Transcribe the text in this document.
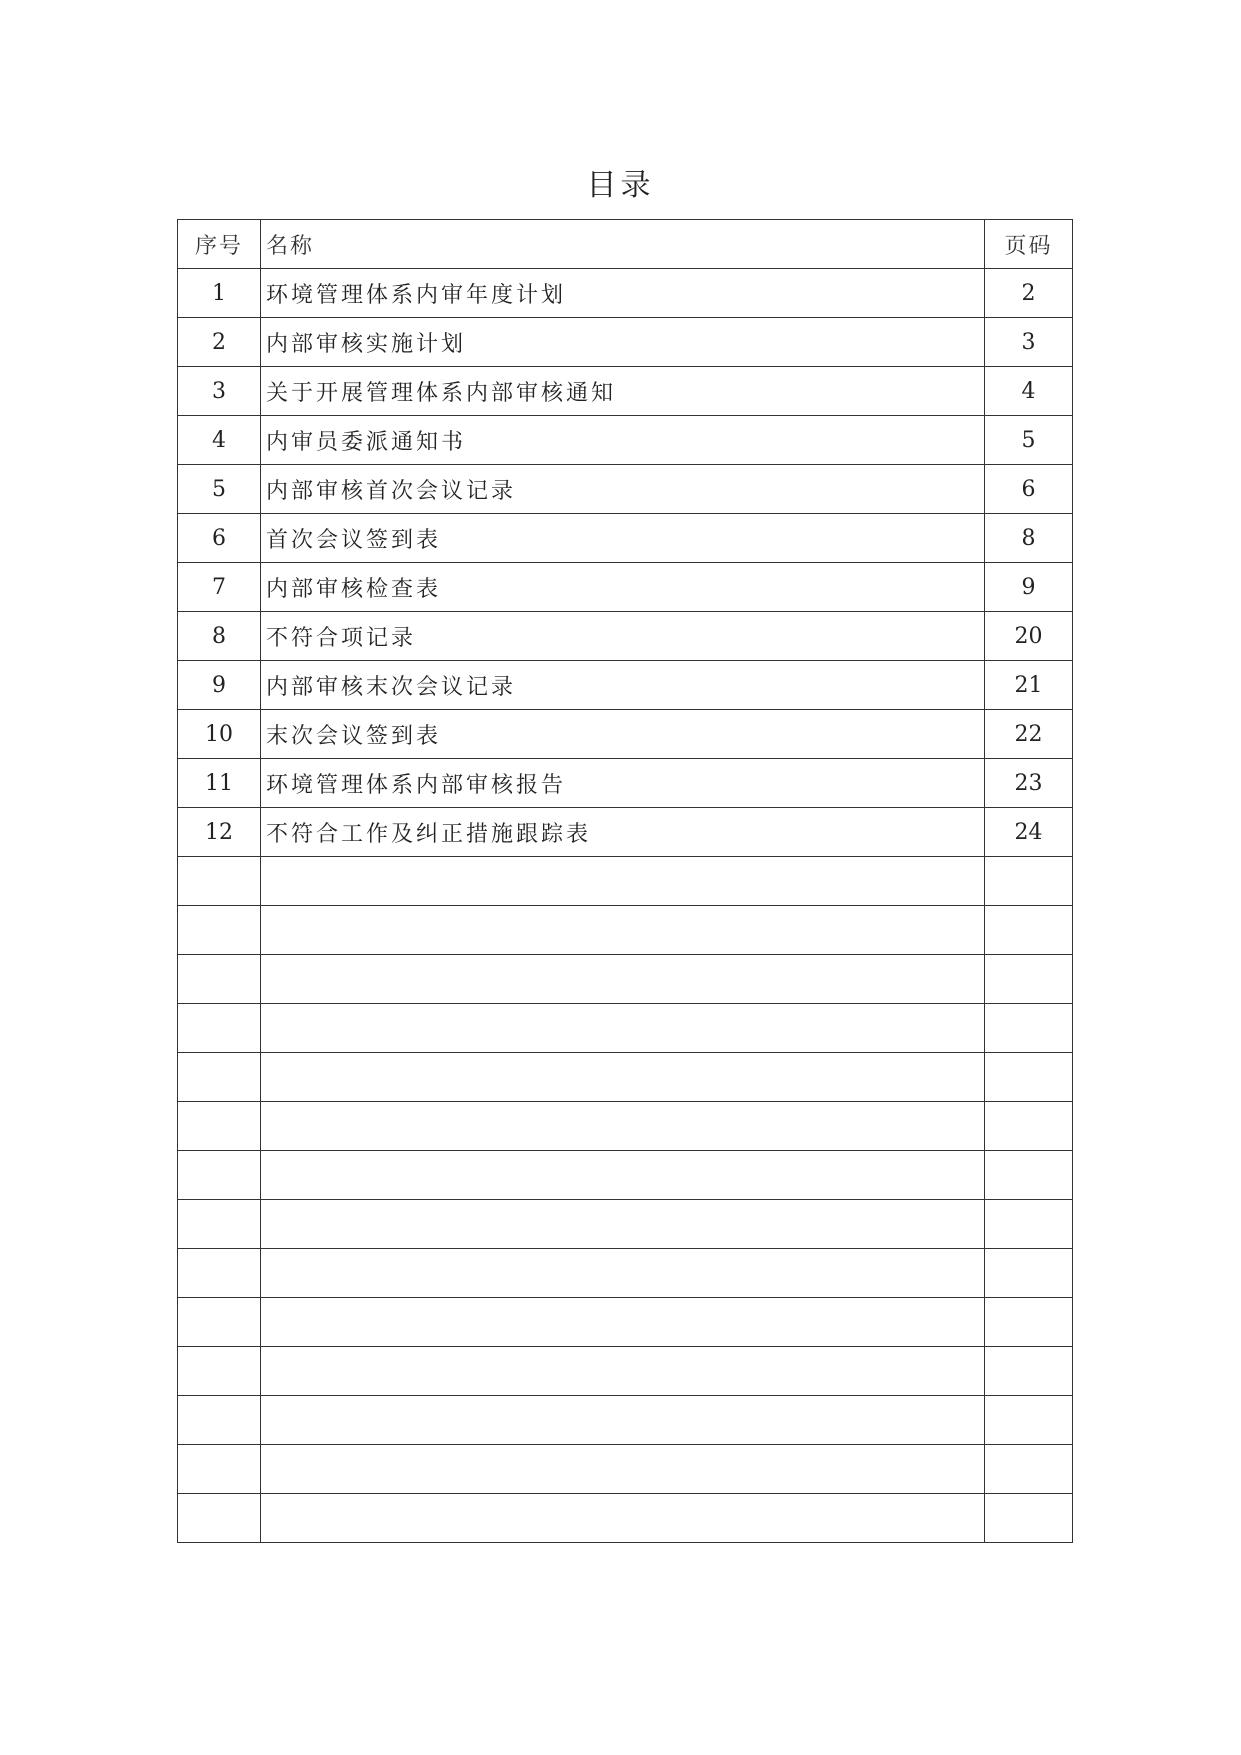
目录
序号	名称	页码
1	环境管理体系内审年度计划	2
2	内部审核实施计划	3
3	关于开展管理体系内部审核通知	4
4	内审员委派通知书	5
5	内部审核首次会议记录	6
6	首次会议签到表	8
7	内部审核检查表	9
8	不符合项记录	20
9	内部审核末次会议记录	21
10	末次会议签到表	22
11	环境管理体系内部审核报告	23
12	不符合工作及纠正措施跟踪表	24
